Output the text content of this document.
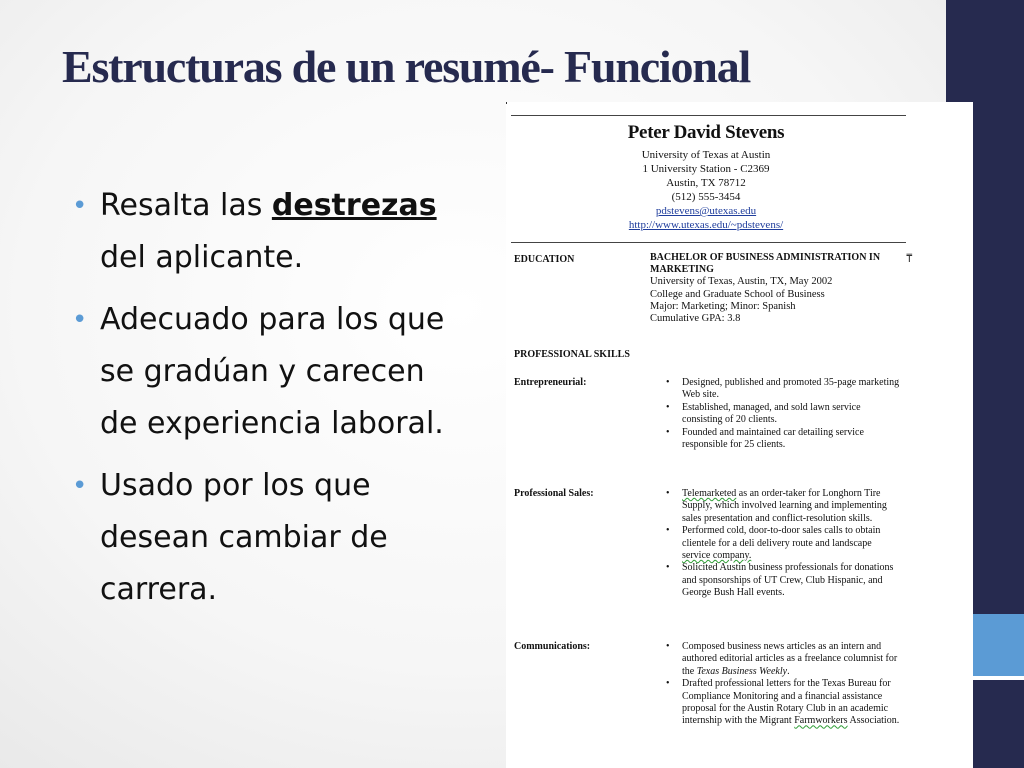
Estructuras de un resumé- Funcional
• Resalta las destrezas del aplicante.
• Adecuado para los que se gradúan y carecen de experiencia laboral.
• Usado por los que desean cambiar de carrera.
Peter David Stevens
University of Texas at Austin
1 University Station - C2369
Austin, TX 78712
(512) 555-3454
pdstevens@utexas.edu
http://www.utexas.edu/~pdstevens/
EDUCATION	BACHELOR OF BUSINESS ADMINISTRATION IN MARKETING
University of Texas, Austin, TX, May 2002
College and Graduate School of Business
Major: Marketing; Minor: Spanish
Cumulative GPA: 3.8
⍑
PROFESSIONAL SKILLS
Entrepreneurial:	• Designed, published and promoted 35-page marketing Web site.
• Established, managed, and sold lawn service consisting of 20 clients.
• Founded and maintained car detailing service responsible for 25 clients.
Professional Sales:	• Telemarketed as an order-taker for Longhorn Tire Supply, which involved learning and implementing sales presentation and conflict-resolution skills.
• Performed cold, door-to-door sales calls to obtain clientele for a deli delivery route and landscape service company.
• Solicited Austin business professionals for donations and sponsorships of UT Crew, Club Hispanic, and George Bush Hall events.
Communications:	• Composed business news articles as an intern and authored editorial articles as a freelance columnist for the Texas Business Weekly.
• Drafted professional letters for the Texas Bureau for Compliance Monitoring and a financial assistance proposal for the Austin Rotary Club in an academic internship with the Migrant Farmworkers Association.
